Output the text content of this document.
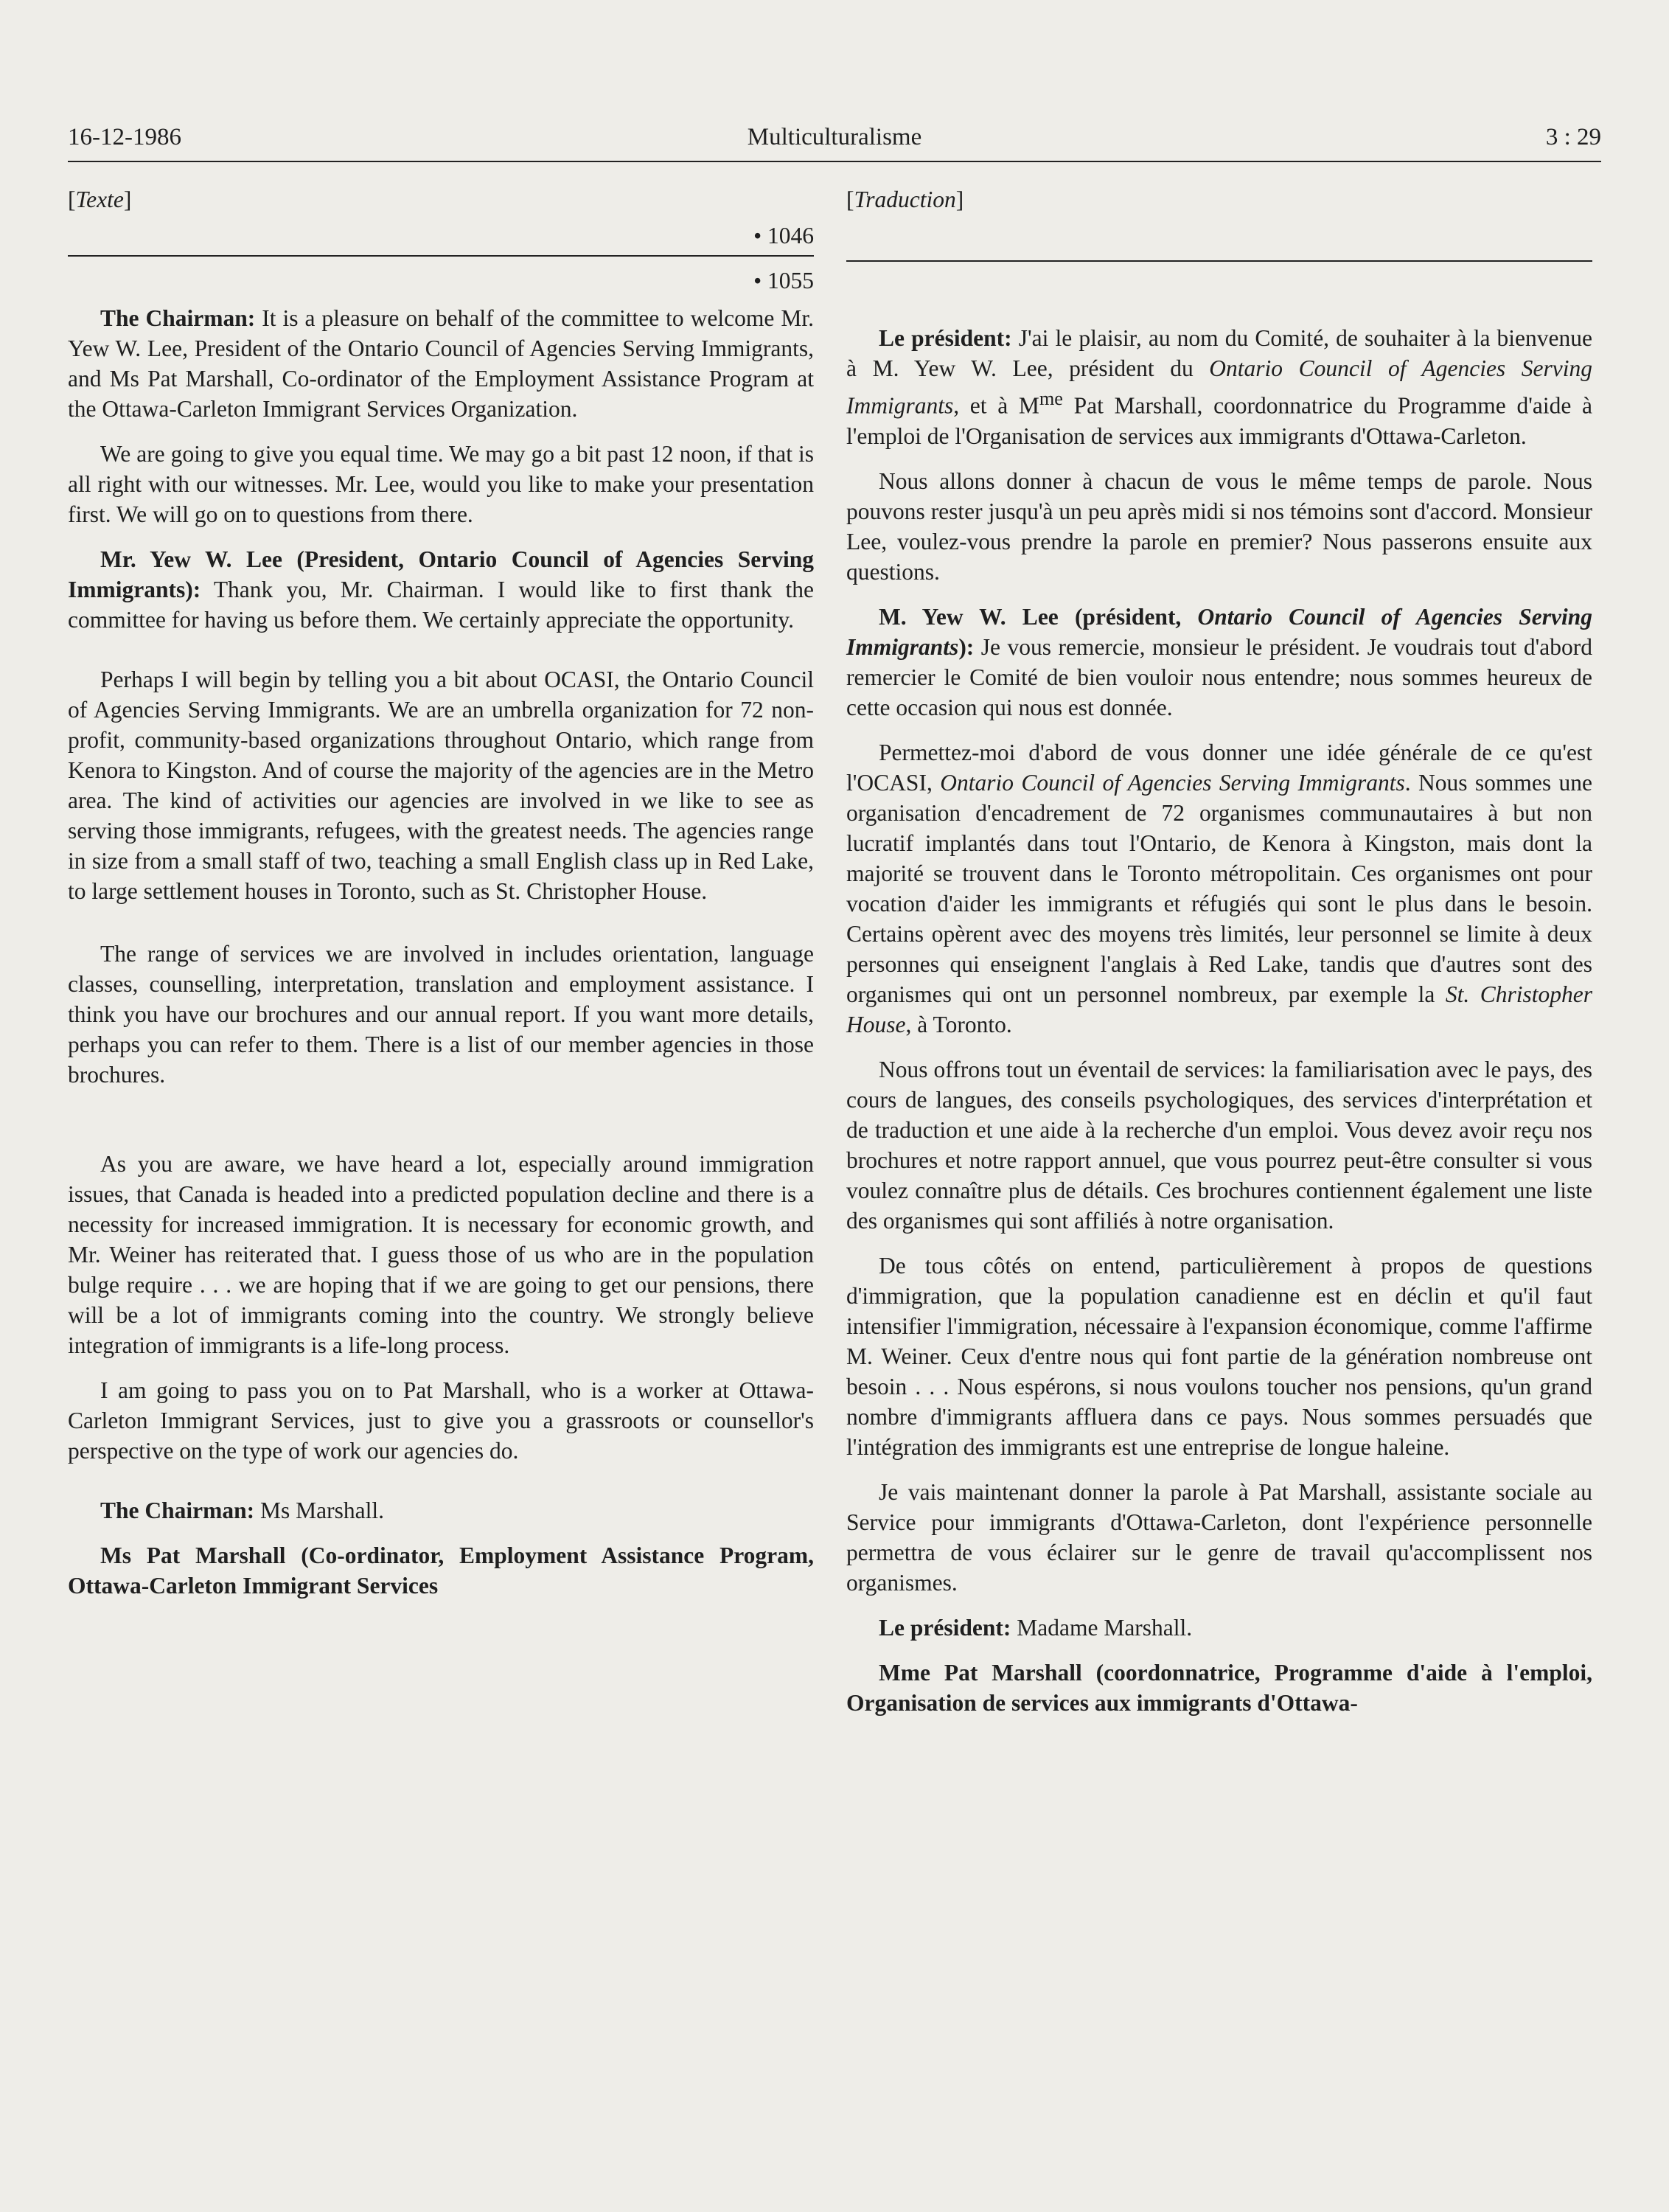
16-12-1986	Multiculturalisme	3 : 29
[Texte]
• 1046
• 1055

The Chairman: It is a pleasure on behalf of the committee to welcome Mr. Yew W. Lee, President of the Ontario Council of Agencies Serving Immigrants, and Ms Pat Marshall, Co-ordinator of the Employment Assistance Program at the Ottawa-Carleton Immigrant Services Organization.

We are going to give you equal time. We may go a bit past 12 noon, if that is all right with our witnesses. Mr. Lee, would you like to make your presentation first. We will go on to questions from there.

Mr. Yew W. Lee (President, Ontario Council of Agencies Serving Immigrants): Thank you, Mr. Chairman. I would like to first thank the committee for having us before them. We certainly appreciate the opportunity.

Perhaps I will begin by telling you a bit about OCASI, the Ontario Council of Agencies Serving Immigrants. We are an umbrella organization for 72 non-profit, community-based organizations throughout Ontario, which range from Kenora to Kingston. And of course the majority of the agencies are in the Metro area. The kind of activities our agencies are involved in we like to see as serving those immigrants, refugees, with the greatest needs. The agencies range in size from a small staff of two, teaching a small English class up in Red Lake, to large settlement houses in Toronto, such as St. Christopher House.

The range of services we are involved in includes orientation, language classes, counselling, interpretation, translation and employment assistance. I think you have our brochures and our annual report. If you want more details, perhaps you can refer to them. There is a list of our member agencies in those brochures.

As you are aware, we have heard a lot, especially around immigration issues, that Canada is headed into a predicted population decline and there is a necessity for increased immigration. It is necessary for economic growth, and Mr. Weiner has reiterated that. I guess those of us who are in the population bulge require . . . we are hoping that if we are going to get our pensions, there will be a lot of immigrants coming into the country. We strongly believe integration of immigrants is a life-long process.

I am going to pass you on to Pat Marshall, who is a worker at Ottawa-Carleton Immigrant Services, just to give you a grassroots or counsellor's perspective on the type of work our agencies do.

The Chairman: Ms Marshall.

Ms Pat Marshall (Co-ordinator, Employment Assistance Program, Ottawa-Carleton Immigrant Services

[Traduction]

Le président: J'ai le plaisir, au nom du Comité, de souhaiter à la bienvenue à M. Yew W. Lee, président du Ontario Council of Agencies Serving Immigrants, et à $M^{me}$ Pat Marshall, coordonnatrice du Programme d'aide à l'emploi de l'Organisation de services aux immigrants d'Ottawa-Carleton.

Nous allons donner à chacun de vous le même temps de parole. Nous pouvons rester jusqu'à un peu après midi si nos témoins sont d'accord. Monsieur Lee, voulez-vous prendre la parole en premier? Nous passerons ensuite aux questions.

M. Yew W. Lee (président, Ontario Council of Agencies Serving Immigrants): Je vous remercie, monsieur le président. Je voudrais tout d'abord remercier le Comité de bien vouloir nous entendre; nous sommes heureux de cette occasion qui nous est donnée.

Permettez-moi d'abord de vous donner une idée générale de ce qu'est l'OCASI, Ontario Council of Agencies Serving Immigrants. Nous sommes une organisation d'encadrement de 72 organismes communautaires à but non lucratif implantés dans tout l'Ontario, de Kenora à Kingston, mais dont la majorité se trouvent dans le Toronto métropolitain. Ces organismes ont pour vocation d'aider les immigrants et réfugiés qui sont le plus dans le besoin. Certains opèrent avec des moyens très limités, leur personnel se limite à deux personnes qui enseignent l'anglais à Red Lake, tandis que d'autres sont des organismes qui ont un personnel nombreux, par exemple la St. Christopher House, à Toronto.

Nous offrons tout un éventail de services: la familiarisation avec le pays, des cours de langues, des conseils psychologiques, des services d'interprétation et de traduction et une aide à la recherche d'un emploi. Vous devez avoir reçu nos brochures et notre rapport annuel, que vous pourrez peut-être consulter si vous voulez connaître plus de détails. Ces brochures contiennent également une liste des organismes qui sont affiliés à notre organisation.

De tous côtés on entend, particulièrement à propos de questions d'immigration, que la population canadienne est en déclin et qu'il faut intensifier l'immigration, nécessaire à l'expansion économique, comme l'affirme M. Weiner. Ceux d'entre nous qui font partie de la génération nombreuse ont besoin . . . Nous espérons, si nous voulons toucher nos pensions, qu'un grand nombre d'immigrants affluera dans ce pays. Nous sommes persuadés que l'intégration des immigrants est une entreprise de longue haleine.

Je vais maintenant donner la parole à Pat Marshall, assistante sociale au Service pour immigrants d'Ottawa-Carleton, dont l'expérience personnelle permettra de vous éclairer sur le genre de travail qu'accomplissent nos organismes.

Le président: Madame Marshall.

Mme Pat Marshall (coordonnatrice, Programme d'aide à l'emploi, Organisation de services aux immigrants d'Ottawa-
